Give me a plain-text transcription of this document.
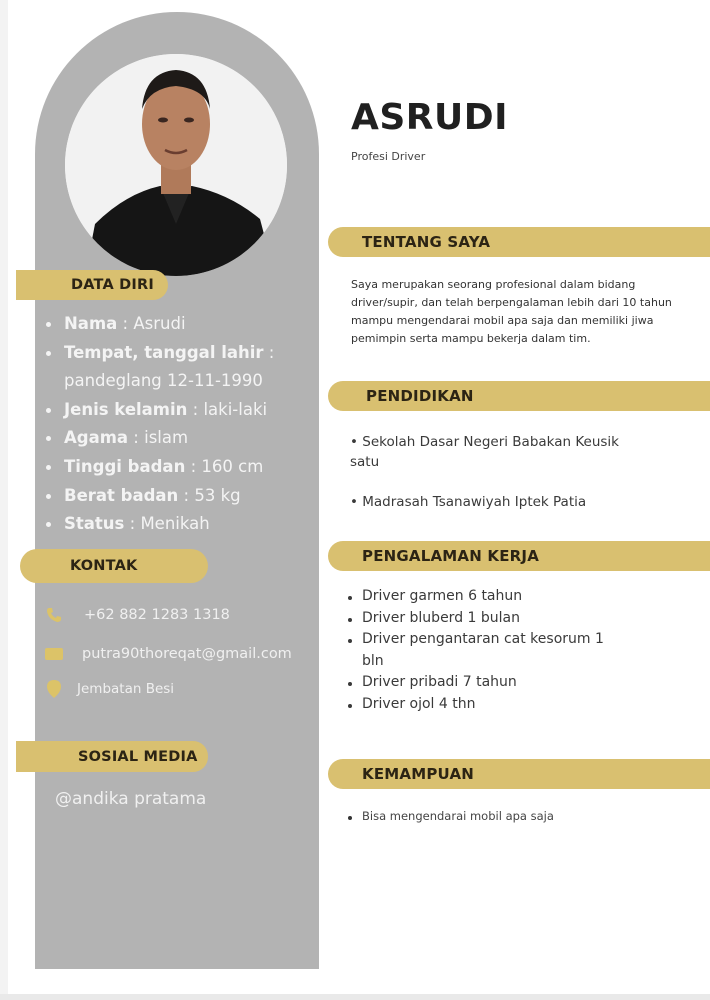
DATA DIRI
Nama : Asrudi
Tempat, tanggal lahir : pandeglang 12-11-1990
Jenis kelamin : laki-laki
Agama : islam
Tinggi badan : 160 cm
Berat badan : 53 kg
Status : Menikah
KONTAK
+62 882 1283 1318
putra90thoreqat@gmail.com
Jembatan Besi
SOSIAL MEDIA
@andika pratama
ASRUDI
Profesi Driver
TENTANG SAYA

Saya merupakan seorang profesional dalam bidang driver/supir, dan telah berpengalaman lebih dari 10 tahun mampu mengendarai mobil apa saja dan memiliki jiwa pemimpin serta mampu bekerja dalam tim.

PENDIDIKAN
• Sekolah Dasar Negeri Babakan Keusik satu
• Madrasah Tsanawiyah Iptek Patia
PENGALAMAN KERJA
Driver garmen 6 tahun
Driver bluberd 1 bulan
Driver pengantaran cat kesorum 1 bln
Driver pribadi 7 tahun
Driver ojol 4 thn
KEMAMPUAN
Bisa mengendarai mobil apa saja
